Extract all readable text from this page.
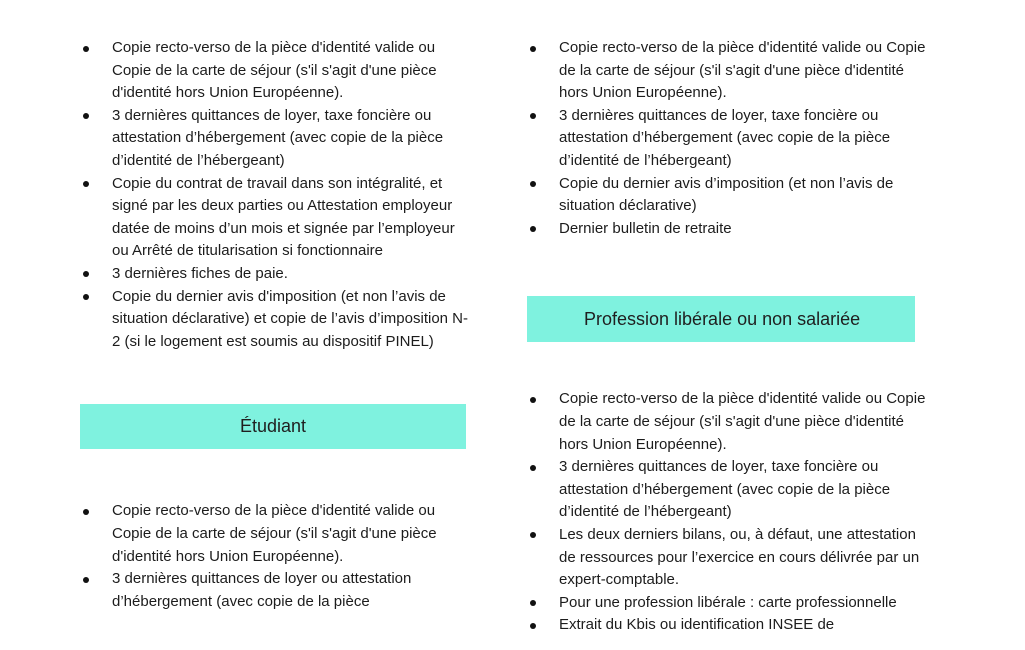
Copie recto-verso de la pièce d'identité valide ou Copie de la carte de séjour (s'il s'agit d'une pièce d'identité hors Union Européenne).
3 dernières quittances de loyer, taxe foncière ou attestation d’hébergement (avec copie de la pièce d’identité de l’hébergeant)
Copie du contrat de travail dans son intégralité, et signé par les deux parties ou Attestation employeur datée de moins d’un mois et signée par l’employeur ou Arrêté de titularisation si fonctionnaire
3 dernières fiches de paie.
Copie du dernier avis d'imposition (et non l’avis de situation déclarative) et copie de l’avis d’imposition N-2 (si le logement est soumis au dispositif PINEL)
Étudiant
Copie recto-verso de la pièce d'identité valide ou Copie de la carte de séjour (s'il s'agit d'une pièce d'identité hors Union Européenne).
3 dernières quittances de loyer ou attestation d’hébergement (avec copie de la pièce
Copie recto-verso de la pièce d'identité valide ou Copie de la carte de séjour (s'il s'agit d'une pièce d'identité hors Union Européenne).
3 dernières quittances de loyer, taxe foncière ou attestation d’hébergement (avec copie de la pièce d’identité de l’hébergeant)
Copie du dernier avis d’imposition (et non l’avis de situation déclarative)
Dernier bulletin de retraite
Profession libérale ou non salariée
Copie recto-verso de la pièce d'identité valide ou Copie de la carte de séjour (s'il s'agit d'une pièce d'identité hors Union Européenne).
3 dernières quittances de loyer, taxe foncière ou attestation d’hébergement (avec copie de la pièce d’identité de l’hébergeant)
Les deux derniers bilans, ou, à défaut, une attestation de ressources pour l’exercice en cours délivrée par un expert-comptable.
Pour une profession libérale : carte professionnelle
Extrait du Kbis ou identification INSEE de
